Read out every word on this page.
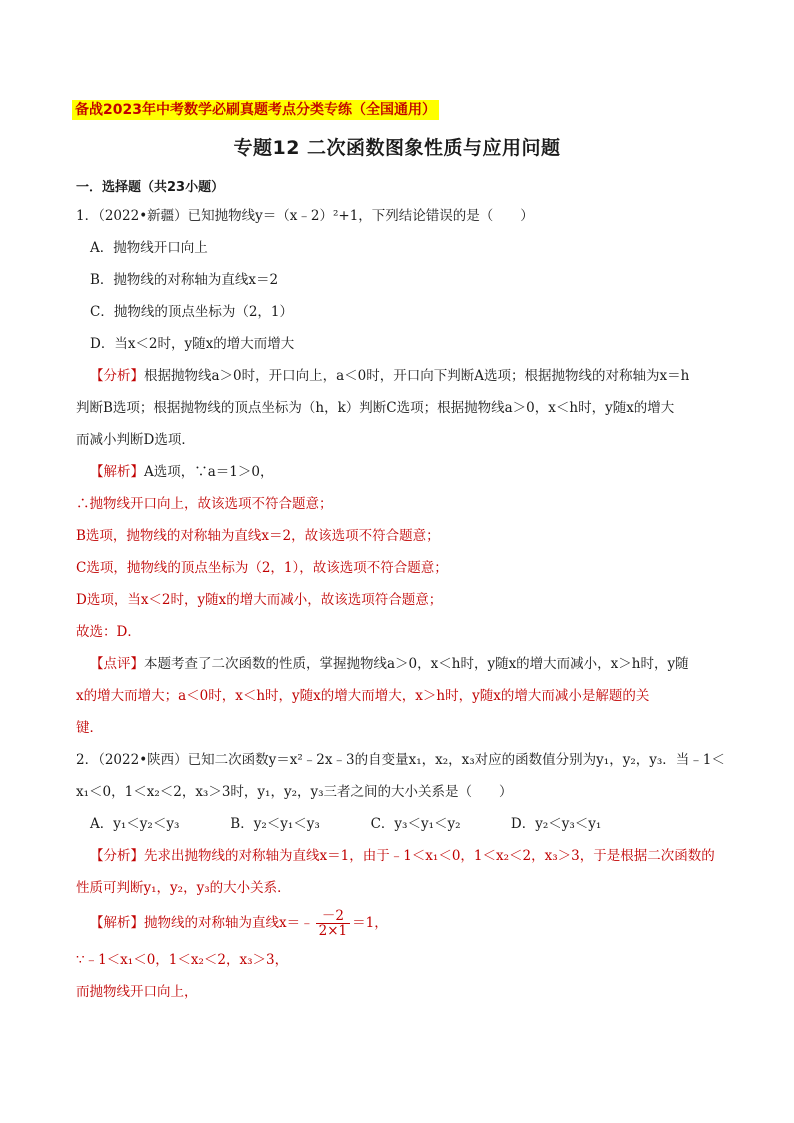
备战2023年中考数学必刷真题考点分类专练（全国通用）
专题12 二次函数图象性质与应用问题
一．选择题（共23小题）
1．（2022•新疆）已知抛物线y＝（x﹣2）²+1，下列结论错误的是（　　）
A．抛物线开口向上
B．抛物线的对称轴为直线x＝2
C．抛物线的顶点坐标为（2，1）
D．当x＜2时，y随x的增大而增大
【分析】根据抛物线a＞0时，开口向上，a＜0时，开口向下判断A选项；根据抛物线的对称轴为x＝h
判断B选项；根据抛物线的顶点坐标为（h，k）判断C选项；根据抛物线a＞0，x＜h时，y随x的增大
而减小判断D选项．
【解析】A选项，∵a＝1＞0，
∴抛物线开口向上，故该选项不符合题意；
B选项，抛物线的对称轴为直线x＝2，故该选项不符合题意；
C选项，抛物线的顶点坐标为（2，1），故该选项不符合题意；
D选项，当x＜2时，y随x的增大而减小，故该选项符合题意；
故选：D．
【点评】本题考查了二次函数的性质，掌握抛物线a＞0，x＜h时，y随x的增大而减小，x＞h时，y随
x的增大而增大；a＜0时，x＜h时，y随x的增大而增大，x＞h时，y随x的增大而减小是解题的关
键．
2．（2022•陕西）已知二次函数y＝x²﹣2x﹣3的自变量x₁，x₂，x₃对应的函数值分别为y₁，y₂，y₃．当﹣1＜
x₁＜0，1＜x₂＜2，x₃＞3时，y₁，y₂，y₃三者之间的大小关系是（　　）
A．y₁＜y₂＜y₃	B．y₂＜y₁＜y₃	C．y₃＜y₁＜y₂	D．y₂＜y₃＜y₁
【分析】先求出抛物线的对称轴为直线x＝1，由于﹣1＜x₁＜0，1＜x₂＜2，x₃＞3，于是根据二次函数的
性质可判断y₁，y₂，y₃的大小关系．
【解析】抛物线的对称轴为直线x＝﹣ $\frac{-2}{2\times 1} =1$，
∵﹣1＜x₁＜0，1＜x₂＜2，x₃＞3，
而抛物线开口向上，
